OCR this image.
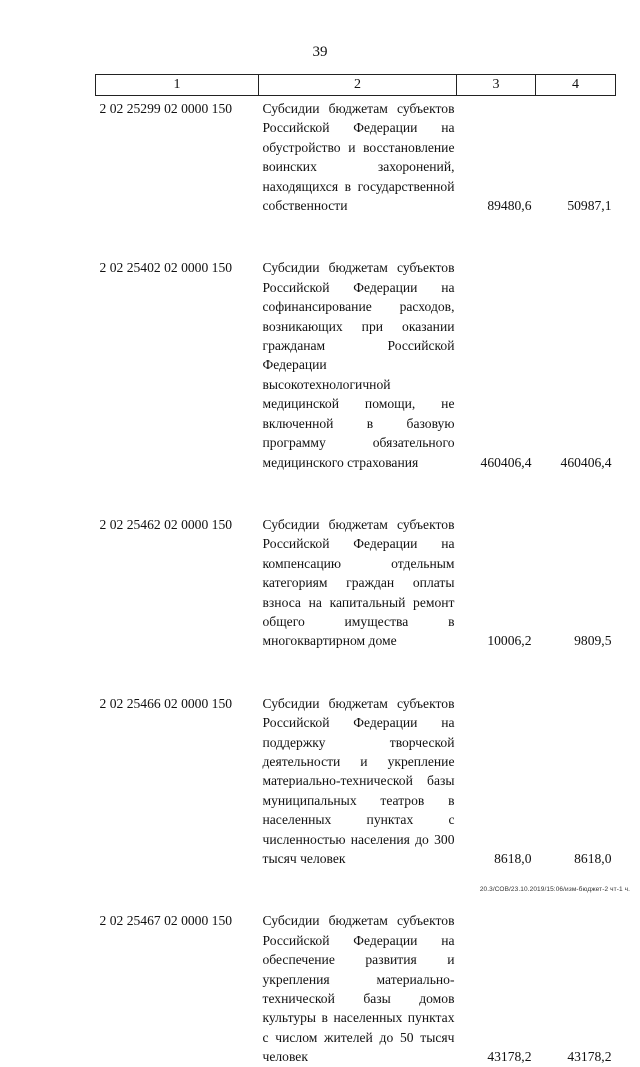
39
1	2	3	4
2 02 25299 02 0000 150	Субсидии бюджетам субъектов Российской Федерации на обустройство и восстановление воинских захоронений, находящихся в государственной собственности	89480,6	50987,1
2 02 25402 02 0000 150	Субсидии бюджетам субъектов Российской Федерации на софинансирование расходов, возникающих при оказании гражданам Российской Федерации высокотехнологичной медицинской помощи, не включенной в базовую программу обязательного медицинского страхования	460406,4	460406,4
2 02 25462 02 0000 150	Субсидии бюджетам субъектов Российской Федерации на компенсацию отдельным категориям граждан оплаты взноса на капитальный ремонт общего имущества в многоквартирном доме	10006,2	9809,5
2 02 25466 02 0000 150	Субсидии бюджетам субъектов Российской Федерации на поддержку творческой деятельности и укрепление материально-технической базы муниципальных театров в населенных пунктах с численностью населения до 300 тысяч человек	8618,0	8618,0
2 02 25467 02 0000 150	Субсидии бюджетам субъектов Российской Федерации на обеспечение развития и укрепления материально-технической базы домов культуры в населенных пунктах с числом жителей до 50 тысяч человек	43178,2	43178,2
20.3/СОВ/23.10.2019/15:06/изм-бюджет-2 чт-1 ч.
